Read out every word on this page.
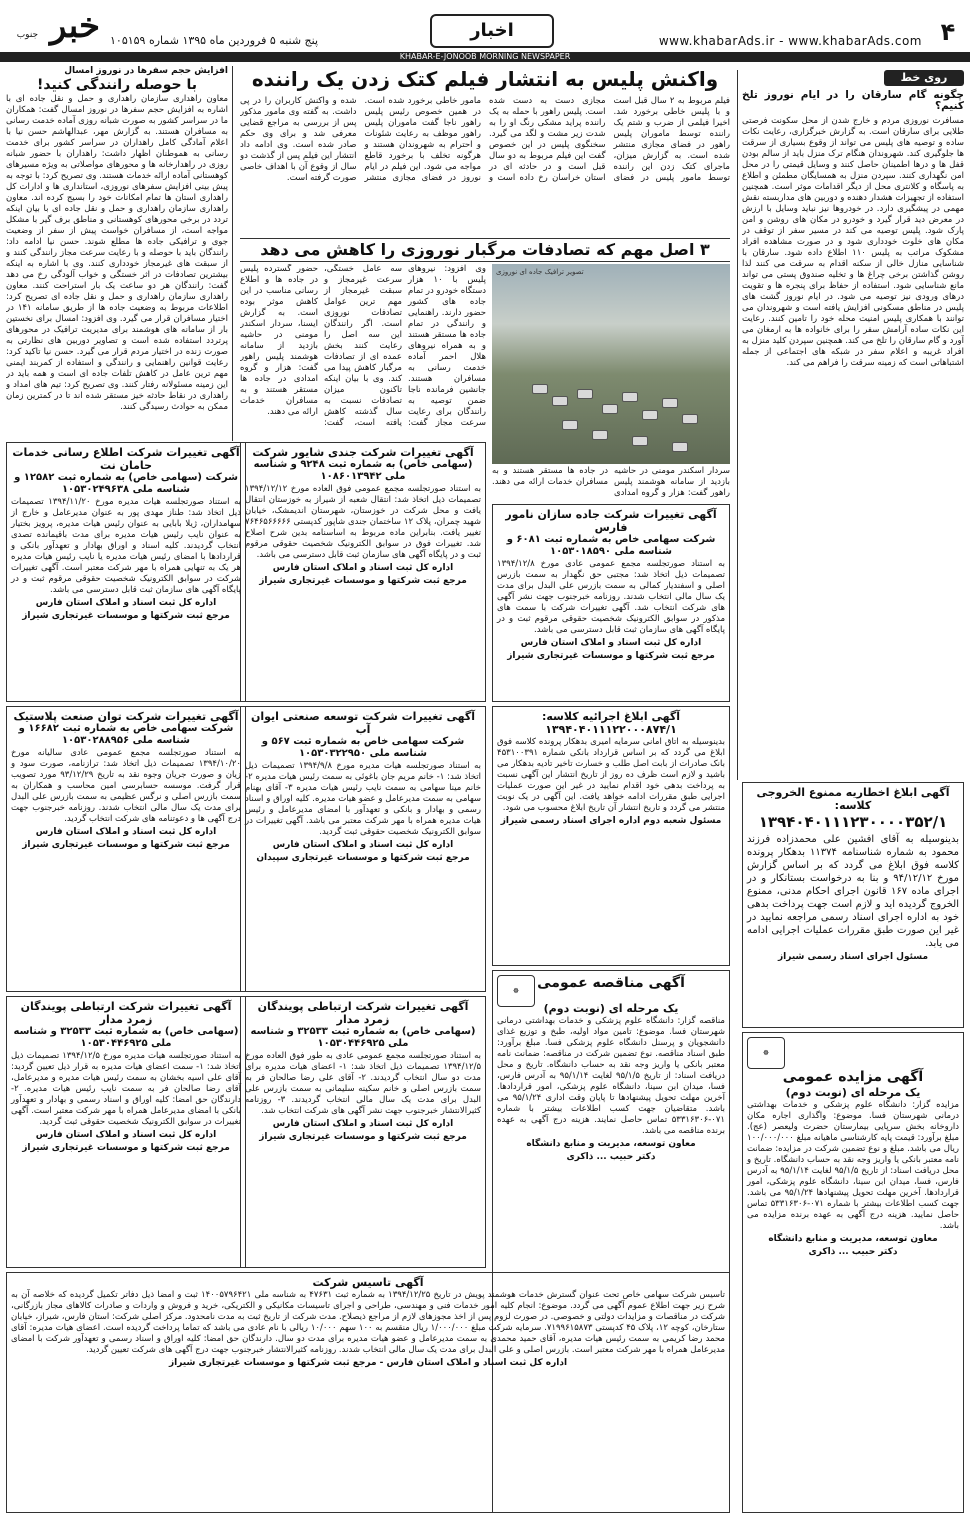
خبر جنوب	پنج شنبه ۵ فروردین ماه ۱۳۹۵ شماره ۱۰۵۱۵۹	اخبار	www.khabarAds.ir - www.khabarAds.com ۴
KHABAR-E-JONOOB MORNING NEWSPAPER
روی خط
چگونه گام سارقان را در ایام نوروز تلخ کنیم؟
مسافرت نوروزی مردم و خارج شدن از محل سکونت فرصتی طلایی برای سارقان است. به گزارش خبرگزاری، رعایت نکات ساده و توصیه های پلیس می تواند از وقوع بسیاری از سرقت ها جلوگیری کند. شهروندان هنگام ترک منزل باید از سالم بودن قفل ها و درها اطمینان حاصل کنند و وسایل قیمتی را در محل امن نگهداری کنند. سپردن منزل به همسایگان مطمئن و اطلاع به پاسگاه و کلانتری محل از دیگر اقدامات موثر است. همچنین استفاده از تجهیزات هشدار دهنده و دوربین های مداربسته نقش مهمی در پیشگیری دارد. در خودروها نیز نباید وسایل با ارزش در معرض دید قرار گیرد و خودرو در مکان های روشن و امن پارک شود. پلیس توصیه می کند در مسیر سفر از توقف در مکان های خلوت خودداری شود و در صورت مشاهده افراد مشکوک مراتب به پلیس ۱۱۰ اطلاع داده شود. سارقان با شناسایی منازل خالی از سکنه اقدام به سرقت می کنند لذا روشن گذاشتن برخی چراغ ها و تخلیه صندوق پستی می تواند مانع شناسایی شود. استفاده از حفاظ برای پنجره ها و تقویت درهای ورودی نیز توصیه می شود. در ایام نوروز گشت های پلیس در مناطق مسکونی افزایش یافته است و شهروندان می توانند با همکاری پلیس امنیت محله خود را تامین کنند. رعایت این نکات ساده آرامش سفر را برای خانواده ها به ارمغان می آورد و گام سارقان را تلخ می کند. همچنین سپردن کلید منزل به افراد غریبه و اعلام سفر در شبکه های اجتماعی از جمله اشتباهاتی است که زمینه سرقت را فراهم می کند.
واکنش پلیس به انتشار فیلم کتک زدن یک راننده
فیلم مربوط به ۲ سال قبل است و با پلیس خاطی برخورد شد. اخیرا فیلمی از ضرب و شتم یک راننده توسط ماموران پلیس راهور در فضای مجازی منتشر شده است. به گزارش میزان، ماجرای کتک زدن این راننده توسط مامور پلیس در فضای مجازی دست به دست شده است. پلیس راهور با حمله به یک راننده پراید مشکی رنگ او را به شدت زیر مشت و لگد می گیرد. سخنگوی پلیس در این خصوص گفت این فیلم مربوط به دو سال قبل است و در حادثه ای در استان خراسان رخ داده است و مامور خاطی برخورد شده است. در همین خصوص رئیس پلیس راهور ناجا گفت ماموران پلیس راهور موظف به رعایت شئونات و احترام به شهروندان هستند و هرگونه تخلف با برخورد قاطع مواجه می شود. این فیلم در ایام نوروز در فضای مجازی منتشر شده و واکنش کاربران را در پی داشت. به گفته وی مامور مذکور پس از بررسی به مراجع قضایی معرفی شد و برای وی حکم صادر شده است. وی ادامه داد انتشار این فیلم پس از گذشت دو سال از وقوع آن با اهداف خاصی صورت گرفته است.
افزایش حجم سفرها در نوروز امسال
با حوصله رانندگی کنید!
معاون راهداری سازمان راهداری و حمل و نقل جاده ای با اشاره به افزایش حجم سفرها در نوروز امسال گفت: همکاران ما در سراسر کشور به صورت شبانه روزی آماده خدمت رسانی به مسافران هستند. به گزارش مهر، عبدالهاشم حسن نیا با اعلام آمادگی کامل راهداران در سراسر کشور برای خدمت رسانی به هموطنان اظهار داشت: راهداران با حضور شبانه روزی در راهدارخانه ها و محورهای مواصلاتی به ویژه مسیرهای کوهستانی آماده ارائه خدمات هستند. وی تصریح کرد: با توجه به پیش بینی افزایش سفرهای نوروزی، استانداری ها و ادارات کل راهداری استان ها تمام امکانات خود را بسیج کرده اند. معاون راهداری سازمان راهداری و حمل و نقل جاده ای با بیان اینکه تردد در برخی محورهای کوهستانی و مناطق برف گیر با مشکل مواجه است، از مسافران خواست پیش از سفر از وضعیت جوی و ترافیکی جاده ها مطلع شوند. حسن نیا ادامه داد: رانندگان باید با حوصله و با رعایت سرعت مجاز رانندگی کنند و از سبقت های غیرمجاز خودداری کنند. وی با اشاره به اینکه بیشترین تصادفات در اثر خستگی و خواب آلودگی رخ می دهد گفت: رانندگان هر دو ساعت یک بار استراحت کنند. معاون راهداری سازمان راهداری و حمل و نقل جاده ای تصریح کرد: اطلاعات مربوط به وضعیت جاده ها از طریق سامانه ۱۴۱ در اختیار مسافران قرار می گیرد. وی افزود: امسال برای نخستین بار از سامانه های هوشمند برای مدیریت ترافیک در محورهای پرتردد استفاده شده است و تصاویر دوربین های نظارتی به صورت زنده در اختیار مردم قرار می گیرد. حسن نیا تاکید کرد: رعایت قوانین راهنمایی و رانندگی و استفاده از کمربند ایمنی مهم ترین عامل در کاهش تلفات جاده ای است و همه باید در این زمینه مسئولانه رفتار کنند. وی تصریح کرد: تیم های امداد و راهداری در نقاط حادثه خیز مستقر شده اند تا در کمترین زمان ممکن به حوادث رسیدگی کنند.
۳ اصل مهم که تصادفات مرگبار نوروزی را کاهش می دهد
تصویر ترافیک جاده ای نوروزی
سردار اسکندر مومنی در حاشیه بازدید از سامانه هوشمند پلیس راهور گفت: هزار و گروه امدادی در جاده ها مستقر هستند و به مسافران خدمات ارائه می دهند.
وی افزود: نیروهای پلیس با ۱۰ هزار دستگاه خودرو در تمام جاده های کشور حضور دارند. راهنمایی و رانندگی در تمام جاده ها مستقر هستند و به همراه نیروهای هلال احمر آماده خدمت رسانی به مسافران هستند. جانشین فرمانده ناجا ضمن توصیه به رانندگان برای رعایت سرعت مجاز گفت: سه عامل خستگی، سرعت غیرمجاز و سبقت غیرمجاز از مهم ترین عوامل تصادفات نوروزی است. اگر رانندگان این سه اصل را رعایت کنند بخش عمده ای از تصادفات مرگبار کاهش پیدا می کند. وی با بیان اینکه تاکنون میزان تصادفات نسبت به سال گذشته کاهش یافته است، گفت: حضور گسترده پلیس در جاده ها و اطلاع رسانی مناسب در این کاهش موثر بوده است. به گزارش ایسنا، سردار اسکندر مومنی در حاشیه بازدید از سامانه هوشمند پلیس راهور گفت: هزار و گروه امدادی در جاده ها مستقر هستند و به مسافران خدمات ارائه می دهند.
آگهی تغییرات شرکت جاده سازان نامور فارس
شرکت سهامی خاص به شماره ثبت ۶۰۸۱ و شناسه ملی ۱۰۵۳۰۱۸۵۹۰

به استناد صورتجلسه مجمع عمومی عادی مورخ ۱۳۹۴/۱۲/۸ تصمیمات ذیل اتخاذ شد: مجتبی حق نگهدار به سمت بازرس اصلی و اسفندیار کمالی به سمت بازرس علی البدل برای مدت یک سال مالی انتخاب شدند. روزنامه خبرجنوب جهت نشر آگهی های شرکت انتخاب شد. آگهی تغییرات شرکت با سمت های مذکور در سوابق الکترونیک شخصیت حقوقی مرقوم ثبت و در پایگاه آگهی های سازمان ثبت قابل دسترسی می باشد.

اداره کل ثبت اسناد و املاک استان فارس
مرجع ثبت شرکتها و موسسات غیرتجاری شیراز
آگهی تغییرات شرکت جندی شایور شرکت
(سهامی خاص) به شماره ثبت ۹۲۴۸ و شناسه ملی ۱۰۸۶۰۱۳۹۴۲

به استناد صورتجلسه مجمع عمومی فوق العاده مورخ ۱۳۹۴/۱۲/۱۲ تصمیمات ذیل اتخاذ شد: انتقال شعبه از شیراز به خوزستان انتقال یافت و محل شرکت در خوزستان، شهرستان اندیمشک، خیابان شهید چمران، پلاک ۱۲ ساختمان جندی شاپور کدپستی ۷۶۴۶۵۶۶۶۶۶ تغییر یافت. بنابراین ماده مربوط به اساسنامه بدین شرح اصلاح شد. تغییرات فوق در سوابق الکترونیک شخصیت حقوقی مرقوم ثبت و در پایگاه آگهی های سازمان ثبت قابل دسترسی می باشد.

اداره کل ثبت اسناد و املاک استان فارس
مرجع ثبت شرکتها و موسسات غیرتجاری شیراز
آگهی تغییرات شرکت اطلاع رسانی خدمات حامان نت
شرکت (سهامی خاص) به شماره ثبت ۱۲۵۸۲ و شناسه ملی ۱۰۵۳۰۲۴۹۶۳۸

به استناد صورتجلسه هیات مدیره مورخ ۱۳۹۴/۱۱/۲۰ تصمیمات ذیل اتخاذ شد: طناز مهدی پور به عنوان مدیرعامل و خارج از سهامداران، ژیلا بابایی به عنوان رئیس هیات مدیره، پرویز بختیار به عنوان نایب رئیس هیات مدیره برای مدت باقیمانده تصدی انتخاب گردیدند. کلیه اسناد و اوراق بهادار و تعهدآور بانکی و قراردادها با امضای رئیس هیات مدیره یا نایب رئیس هیات مدیره هر یک به تنهایی همراه با مهر شرکت معتبر است. آگهی تغییرات شرکت در سوابق الکترونیک شخصیت حقوقی مرقوم ثبت و در پایگاه آگهی های سازمان ثبت قابل دسترسی می باشد.

اداره کل ثبت اسناد و املاک استان فارس
مرجع ثبت شرکتها و موسسات غیرتجاری شیراز
آگهی ابلاغ اخطاریه ممنوع الخروجی کلاسه:
۱۳۹۴۰۴۰۱۱۱۲۳۰۰۰۰۳۵۲/۱

بدینوسیله به آقای افشین علی محمدزاده فرزند محمود به شماره شناسنامه ۱۱۳۷۴ بدهکار پرونده کلاسه فوق ابلاغ می گردد که بر اساس گزارش مورخ ۹۴/۱۲/۱۲ و بنا به درخواست بستانکار و در اجرای ماده ۱۶۷ قانون اجرای احکام مدنی، ممنوع الخروج گردیده اید و لازم است جهت پرداخت بدهی خود به اداره اجرای اسناد رسمی مراجعه نمایید در غیر این صورت طبق مقررات عملیات اجرایی ادامه می یابد.

مسئول اجرای اسناد رسمی شیراز
☸
آگهی مزایده عمومی
یک مرحله ای (نوبت دوم)

مزایده گزار: دانشگاه علوم پزشکی و خدمات بهداشتی درمانی شهرستان فسا. موضوع: واگذاری اجاره مکان داروخانه بخش سرپایی بیمارستان حضرت ولیعصر (عج). مبلغ برآورد: قیمت پایه کارشناسی ماهیانه مبلغ ۱۰۰/۰۰۰/۰۰۰ ریال می باشد. مبلغ و نوع تضمین شرکت در مزایده: ضمانت نامه معتبر بانکی یا واریز وجه نقد به حساب دانشگاه. تاریخ و محل دریافت اسناد: از تاریخ ۹۵/۱/۵ لغایت ۹۵/۱/۱۴ به آدرس فارس، فسا، میدان ابن سینا، دانشگاه علوم پزشکی، امور قراردادها. آخرین مهلت تحویل پیشنهادها ۹۵/۱/۲۴ می باشد. جهت کسب اطلاعات بیشتر با شماره ۰۷۱-۵۳۳۱۶۳۰۶ تماس حاصل نمایید. هزینه درج آگهی به عهده برنده مزایده می باشد.

معاون توسعه، مدیریت و منابع دانشگاه
دکتر حبیب ... ذاکری
آگهی ابلاغ اجرائیه کلاسه:
۱۳۹۴۰۴۰۱۱۱۲۲۰۰۰۸۷۴/۱

بدینوسیله به اتاق امانی سرمایه امیری بدهکار پرونده کلاسه فوق ابلاغ می گردد که بر اساس قرارداد بانکی شماره ۴۵۳۱۰۰۳۹۱ بانک صادرات از بابت اصل طلب و خسارت تاخیر تادیه بدهکار می باشید و لازم است ظرف ده روز از تاریخ انتشار این آگهی نسبت به پرداخت بدهی خود اقدام نمایید در غیر این صورت عملیات اجرایی طبق مقررات ادامه خواهد یافت. این آگهی در یک نوبت منتشر می گردد و تاریخ انتشار آن تاریخ ابلاغ محسوب می شود.

مسئول شعبه دوم اداره اجرای اسناد رسمی شیراز
آگهی تغییرات شرکت توسعه صنعتی ایوان آب
شرکت سهامی خاص به شماره ثبت ۵۶۷ و شناسه ملی ۱۰۵۳۰۳۲۲۹۵۰

به استناد صورتجلسه هیات مدیره مورخ ۱۳۹۴/۹/۸ تصمیمات ذیل اتخاذ شد: ۱- خانم مریم جان باغوئی به سمت رئیس هیات مدیره ۲- خانم مینا سهامی به سمت نایب رئیس هیات مدیره ۳- آقای بهنام سهامی به سمت مدیرعامل و عضو هیات مدیره. کلیه اوراق و اسناد رسمی و بهادار و بانکی و تعهدآور با امضای مدیرعامل و رئیس هیات مدیره همراه با مهر شرکت معتبر می باشد. آگهی تغییرات در سوابق الکترونیک شخصیت حقوقی ثبت گردید.

اداره کل ثبت اسناد و املاک استان فارس
مرجع ثبت شرکتها و موسسات غیرتجاری سپیدان
آگهی تغییرات شرکت توان صنعت پلاستیک
شرکت سهامی خاص به شماره ثبت ۱۶۶۸۲ و شناسه ملی ۱۰۵۳۰۲۸۸۹۵۶

به استناد صورتجلسه مجمع عمومی عادی سالیانه مورخ ۱۳۹۴/۱۰/۲۰ تصمیمات ذیل اتخاذ شد: ترازنامه، صورت سود و زیان و صورت جریان وجوه نقد به تاریخ ۹۳/۱۲/۲۹ مورد تصویب قرار گرفت. موسسه حسابرسی امین محاسب و همکاران به سمت بازرس اصلی و نرگس عظیمی به سمت بازرس علی البدل برای مدت یک سال مالی انتخاب شدند. روزنامه خبرجنوب جهت درج آگهی ها و دعوتنامه های شرکت انتخاب گردید.

اداره کل ثبت اسناد و املاک استان فارس
مرجع ثبت شرکتها و موسسات غیرتجاری شیراز
☸	آگهی مناقصه عمومی
یک مرحله ای (نوبت دوم)

مناقصه گزار: دانشگاه علوم پزشکی و خدمات بهداشتی درمانی شهرستان فسا. موضوع: تامین مواد اولیه، طبخ و توزیع غذای دانشجویان و پرسنل دانشگاه علوم پزشکی فسا. مبلغ برآورد: طبق اسناد مناقصه. نوع تضمین شرکت در مناقصه: ضمانت نامه معتبر بانکی یا واریز وجه نقد به حساب دانشگاه. تاریخ و محل دریافت اسناد: از تاریخ ۹۵/۱/۵ لغایت ۹۵/۱/۱۴ به آدرس فارس، فسا، میدان ابن سینا، دانشگاه علوم پزشکی، امور قراردادها. آخرین مهلت تحویل پیشنهادها تا پایان وقت اداری ۹۵/۱/۲۴ می باشد. متقاضیان جهت کسب اطلاعات بیشتر با شماره ۰۷۱-۵۳۳۱۶۳۰۶ تماس حاصل نمایند. هزینه درج آگهی به عهده برنده مناقصه می باشد.

معاون توسعه، مدیریت و منابع دانشگاه
دکتر حبیب ... ذاکری
آگهی تغییرات شرکت ارتباطی پویندگان زمرد مدار
(سهامی خاص) به شماره ثبت ۳۲۵۳۳ و شناسه ملی ۱۰۵۳۰۴۴۶۹۲۵

به استناد صورتجلسه مجمع عمومی عادی به طور فوق العاده مورخ ۱۳۹۴/۱۲/۵ تصمیمات ذیل اتخاذ شد: ۱- اعضای هیات مدیره برای مدت دو سال انتخاب گردیدند. ۲- آقای علی رضا صالحان فر به سمت بازرس اصلی و خانم سکینه سلیمانی به سمت بازرس علی البدل برای مدت یک سال مالی انتخاب گردیدند. ۳- روزنامه کثیرالانتشار خبرجنوب جهت نشر آگهی های شرکت انتخاب شد.

اداره کل ثبت اسناد و املاک استان فارس
مرجع ثبت شرکتها و موسسات غیرتجاری شیراز
آگهی تغییرات شرکت ارتباطی پویندگان زمرد مدار
(سهامی خاص) به شماره ثبت ۳۲۵۳۳ و شناسه ملی ۱۰۵۳۰۴۴۶۹۲۵

به استناد صورتجلسه هیات مدیره مورخ ۱۳۹۴/۱۲/۵ تصمیمات ذیل اتخاذ شد: ۱- سمت اعضای هیات مدیره به قرار ذیل تعیین گردید: آقای علی اسیه بخشان به سمت رئیس هیات مدیره و مدیرعامل، آقای رضا صالحان فر به سمت نایب رئیس هیات مدیره. ۲- دارندگان حق امضا: کلیه اوراق و اسناد رسمی و بهادار و تعهدآور بانکی با امضای مدیرعامل همراه با مهر شرکت معتبر است. آگهی تغییرات در سوابق الکترونیک شخصیت حقوقی ثبت گردید.

اداره کل ثبت اسناد و املاک استان فارس
مرجع ثبت شرکتها و موسسات غیرتجاری شیراز
آگهی تاسیس شرکت

تاسیس شرکت سهامی خاص تحت عنوان گسترش خدمات هوشمند پویش در تاریخ ۱۳۹۴/۱۲/۲۵ به شماره ثبت ۴۷۶۳۱ به شناسه ملی ۱۴۰۰۵۷۹۶۴۲۱ ثبت و امضا ذیل دفاتر تکمیل گردیده که خلاصه آن به شرح زیر جهت اطلاع عموم آگهی می گردد. موضوع: انجام کلیه امور خدمات فنی و مهندسی، طراحی و اجرای تاسیسات مکانیکی و الکتریکی، خرید و فروش و واردات و صادرات کالاهای مجاز بازرگانی، شرکت در مناقصات و مزایدات دولتی و خصوصی. در صورت لزوم پس از اخذ مجوزهای لازم از مراجع ذیصلاح. مدت شرکت از تاریخ ثبت به مدت نامحدود. مرکز اصلی شرکت: استان فارس، شیراز، خیابان ستارخان، کوچه ۱۲، پلاک ۴۵ کدپستی ۷۱۹۹۶۱۵۸۷۳. سرمایه شرکت مبلغ ۱/۰۰۰/۰۰۰ ریال منقسم به ۱۰۰ سهم ۱۰/۰۰۰ ریالی با نام عادی می باشد که تماما پرداخت گردیده است. اعضای هیات مدیره: آقای محمد رضا کریمی به سمت رئیس هیات مدیره، آقای حمید محمدی به سمت مدیرعامل و عضو هیات مدیره برای مدت دو سال. دارندگان حق امضا: کلیه اوراق و اسناد رسمی و تعهدآور شرکت با امضای مدیرعامل همراه با مهر شرکت معتبر است. بازرس اصلی و علی البدل برای مدت یک سال مالی انتخاب شدند. روزنامه کثیرالانتشار خبرجنوب جهت درج آگهی های شرکت تعیین گردید.

اداره کل ثبت اسناد و املاک استان فارس - مرجع ثبت شرکتها و موسسات غیرتجاری شیراز
